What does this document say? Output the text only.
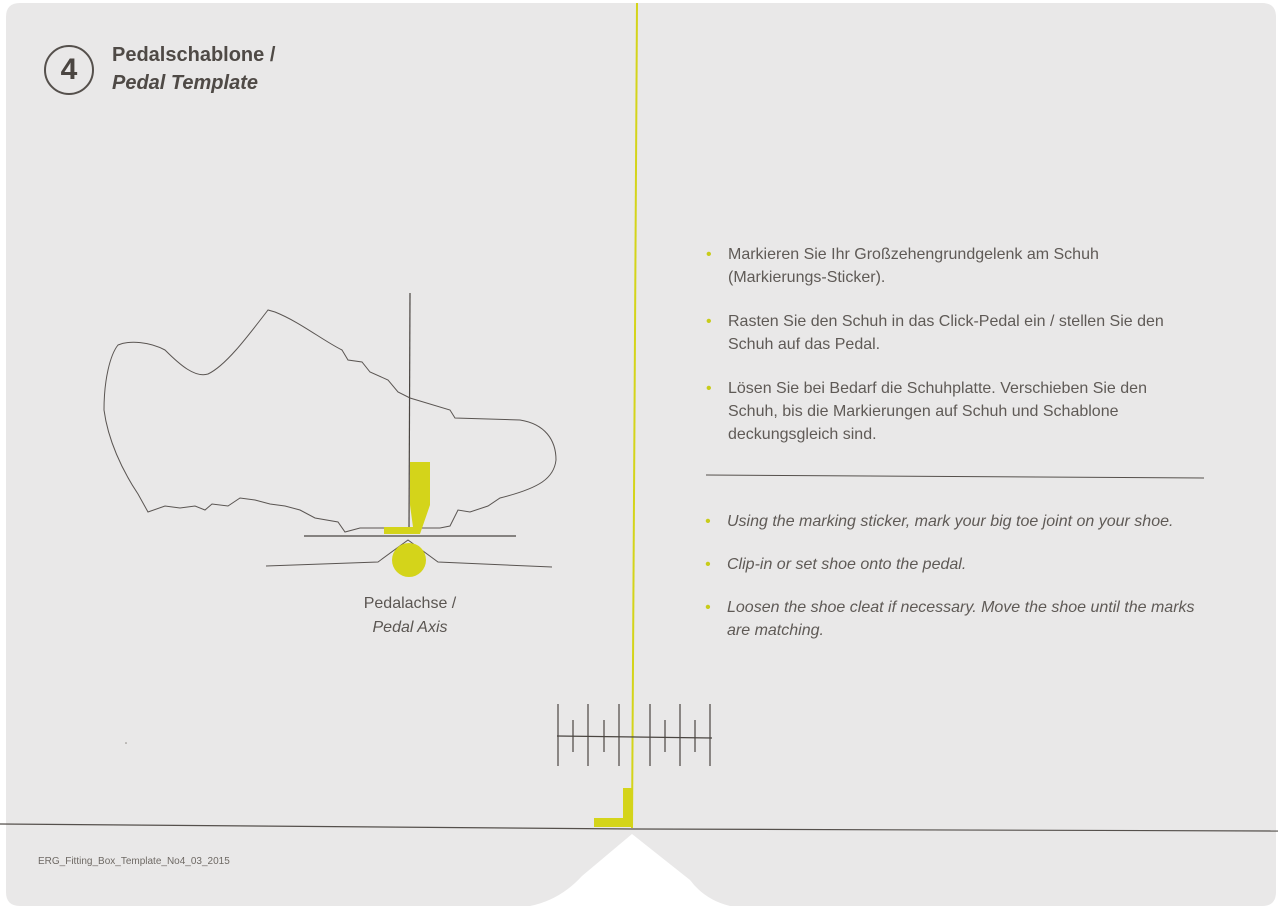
4 Pedalschablone /
Pedal Template
Pedalachse /
Pedal Axis
• Markieren Sie Ihr Großzehengrundgelenk am Schuh (Markierungs-Sticker).
• Rasten Sie den Schuh in das Click-Pedal ein / stellen Sie den Schuh auf das Pedal.
• Lösen Sie bei Bedarf die Schuhplatte. Verschieben Sie den Schuh, bis die Markierungen auf Schuh und Schablone deckungsgleich sind.
• Using the marking sticker, mark your big toe joint on your shoe.
• Clip-in or set shoe onto the pedal.
• Loosen the shoe cleat if necessary. Move the shoe until the marks are matching.
ERG_Fitting_Box_Template_No4_03_2015
